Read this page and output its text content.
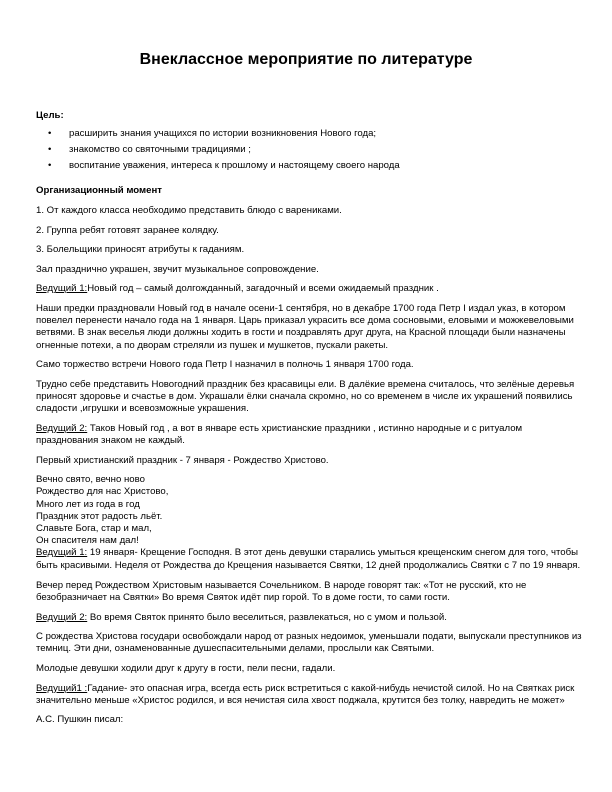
Внеклассное мероприятие по литературе

Цель:

• расширить знания учащихся по истории возникновения Нового года;
• знакомство со святочными традициями ;
• воспитание уважения, интереса к прошлому и настоящему своего народа

Организационный момент

1. От каждого класса необходимо представить блюдо с варениками.

2. Группа ребят готовят заранее колядку.

3. Болельщики приносят атрибуты к гаданиям.

Зал празднично украшен, звучит музыкальное сопровождение.

Ведущий 1:Новый год – самый долгожданный, загадочный и всеми ожидаемый праздник .

Наши предки праздновали Новый год в начале осени-1 сентября, но в декабре 1700 года Петр I издал указ, в котором повелел перенести начало года на 1 января. Царь приказал украсить все дома сосновыми, еловыми и можжевеловыми ветвями. В знак веселья люди должны ходить в гости и поздравлять друг друга, на Красной площади были назначены огненные потехи, а по дворам стреляли из пушек и мушкетов, пускали ракеты.

Само торжество встречи Нового года Петр I назначил в полночь 1 января 1700 года.

Трудно себе представить Новогодний праздник без красавицы ели. В далёкие времена считалось, что зелёные деревья приносят здоровье и счастье в дом. Украшали ёлки сначала скромно, но со временем в числе их украшений появились сладости ,игрушки и всевозможные украшения.

Ведущий 2: Таков Новый год , а вот в январе есть христианские праздники , истинно народные и с ритуалом празднования знаком не каждый.

Первый христианский праздник - 7 января - Рождество Христово.

Вечно свято, вечно ново
Рождество для нас Христово,
Много лет из года в год
Праздник этот радость льёт.
Славьте Бога, стар и мал,
Он спасителя нам дал!

Ведущий 1: 19 января- Крещение Господня. В этот день девушки старались умыться крещенским снегом для того, чтобы быть красивыми. Неделя от Рождества до Крещения называется Святки, 12 дней продолжались Святки с 7 по 19 января.

Вечер перед Рождеством Христовым называется Сочельником. В народе говорят так: «Тот не русский, кто не безобразничает на Святки» Во время Святок идёт пир горой. То в доме гости, то сами гости.

Ведущий 2: Во время Святок принято было веселиться, развлекаться, но с умом и пользой.

С рождества Христова государи освобождали народ от разных недоимок, уменьшали подати, выпускали преступников из темниц. Эти дни, ознаменованные душеспасительными делами, прослыли как Святыми.

Молодые девушки ходили друг к другу в гости, пели песни, гадали.

Ведущий1 :Гадание- это опасная игра, всегда есть риск встретиться с какой-нибудь нечистой силой. Но на Святках риск значительно меньше «Христос родился, и вся нечистая сила хвост поджала, крутится без толку, навредить не может»

А.С. Пушкин писал:
